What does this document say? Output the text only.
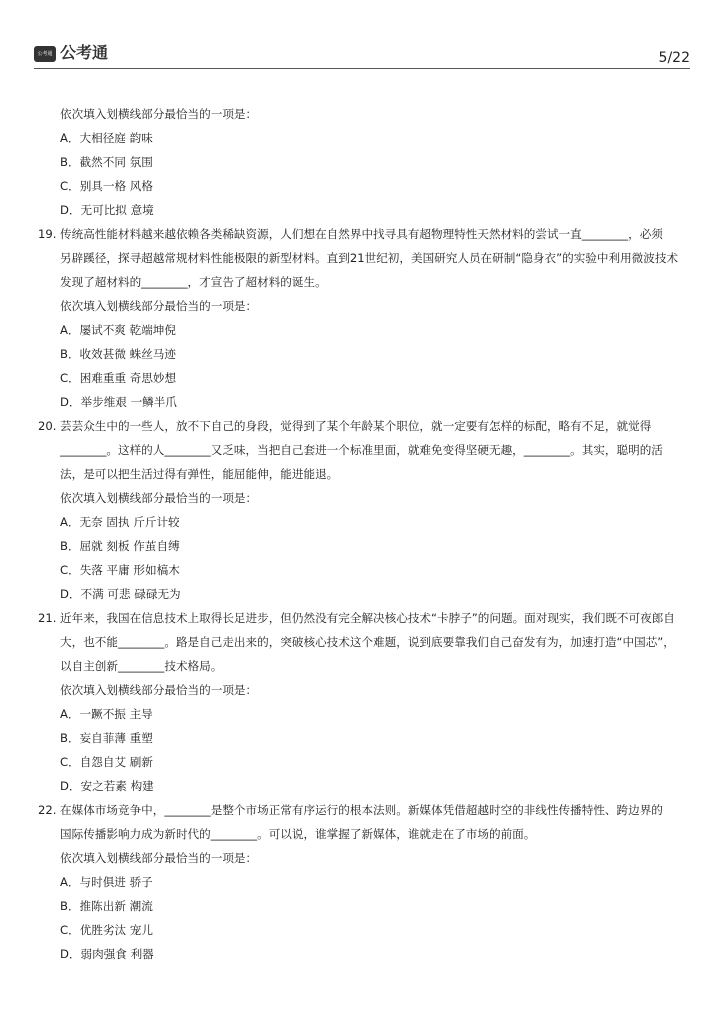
公考通 公考通	5/22
依次填入划横线部分最恰当的一项是：
A．大相径庭 韵味
B．截然不同 氛围
C．别具一格 风格
D．无可比拟 意境
19. 传统高性能材料越来越依赖各类稀缺资源，人们想在自然界中找寻具有超物理特性天然材料的尝试一直________，必须
另辟蹊径，探寻超越常规材料性能极限的新型材料。直到21世纪初，美国研究人员在研制“隐身衣”的实验中利用微波技术
发现了超材料的________，才宣告了超材料的诞生。
依次填入划横线部分最恰当的一项是：
A．屡试不爽 乾端坤倪
B．收效甚微 蛛丝马迹
C．困难重重 奇思妙想
D．举步维艰 一鳞半爪
20. 芸芸众生中的一些人，放不下自己的身段，觉得到了某个年龄某个职位，就一定要有怎样的标配，略有不足，就觉得
________。这样的人________又乏味，当把自己套进一个标准里面，就难免变得坚硬无趣，________。其实，聪明的活
法，是可以把生活过得有弹性，能屈能伸，能进能退。
依次填入划横线部分最恰当的一项是：
A．无奈 固执 斤斤计较
B．屈就 刻板 作茧自缚
C．失落 平庸 形如槁木
D．不满 可悲 碌碌无为
21. 近年来，我国在信息技术上取得长足进步，但仍然没有完全解决核心技术“卡脖子”的问题。面对现实，我们既不可夜郎自
大，也不能________。路是自己走出来的，突破核心技术这个难题，说到底要靠我们自己奋发有为，加速打造“中国芯”，
以自主创新________技术格局。
依次填入划横线部分最恰当的一项是：
A．一蹶不振 主导
B．妄自菲薄 重塑
C．自怨自艾 刷新
D．安之若素 构建
22. 在媒体市场竞争中，________是整个市场正常有序运行的根本法则。新媒体凭借超越时空的非线性传播特性、跨边界的
国际传播影响力成为新时代的________。可以说，谁掌握了新媒体，谁就走在了市场的前面。
依次填入划横线部分最恰当的一项是：
A．与时俱进 骄子
B．推陈出新 潮流
C．优胜劣汰 宠儿
D．弱肉强食 利器
